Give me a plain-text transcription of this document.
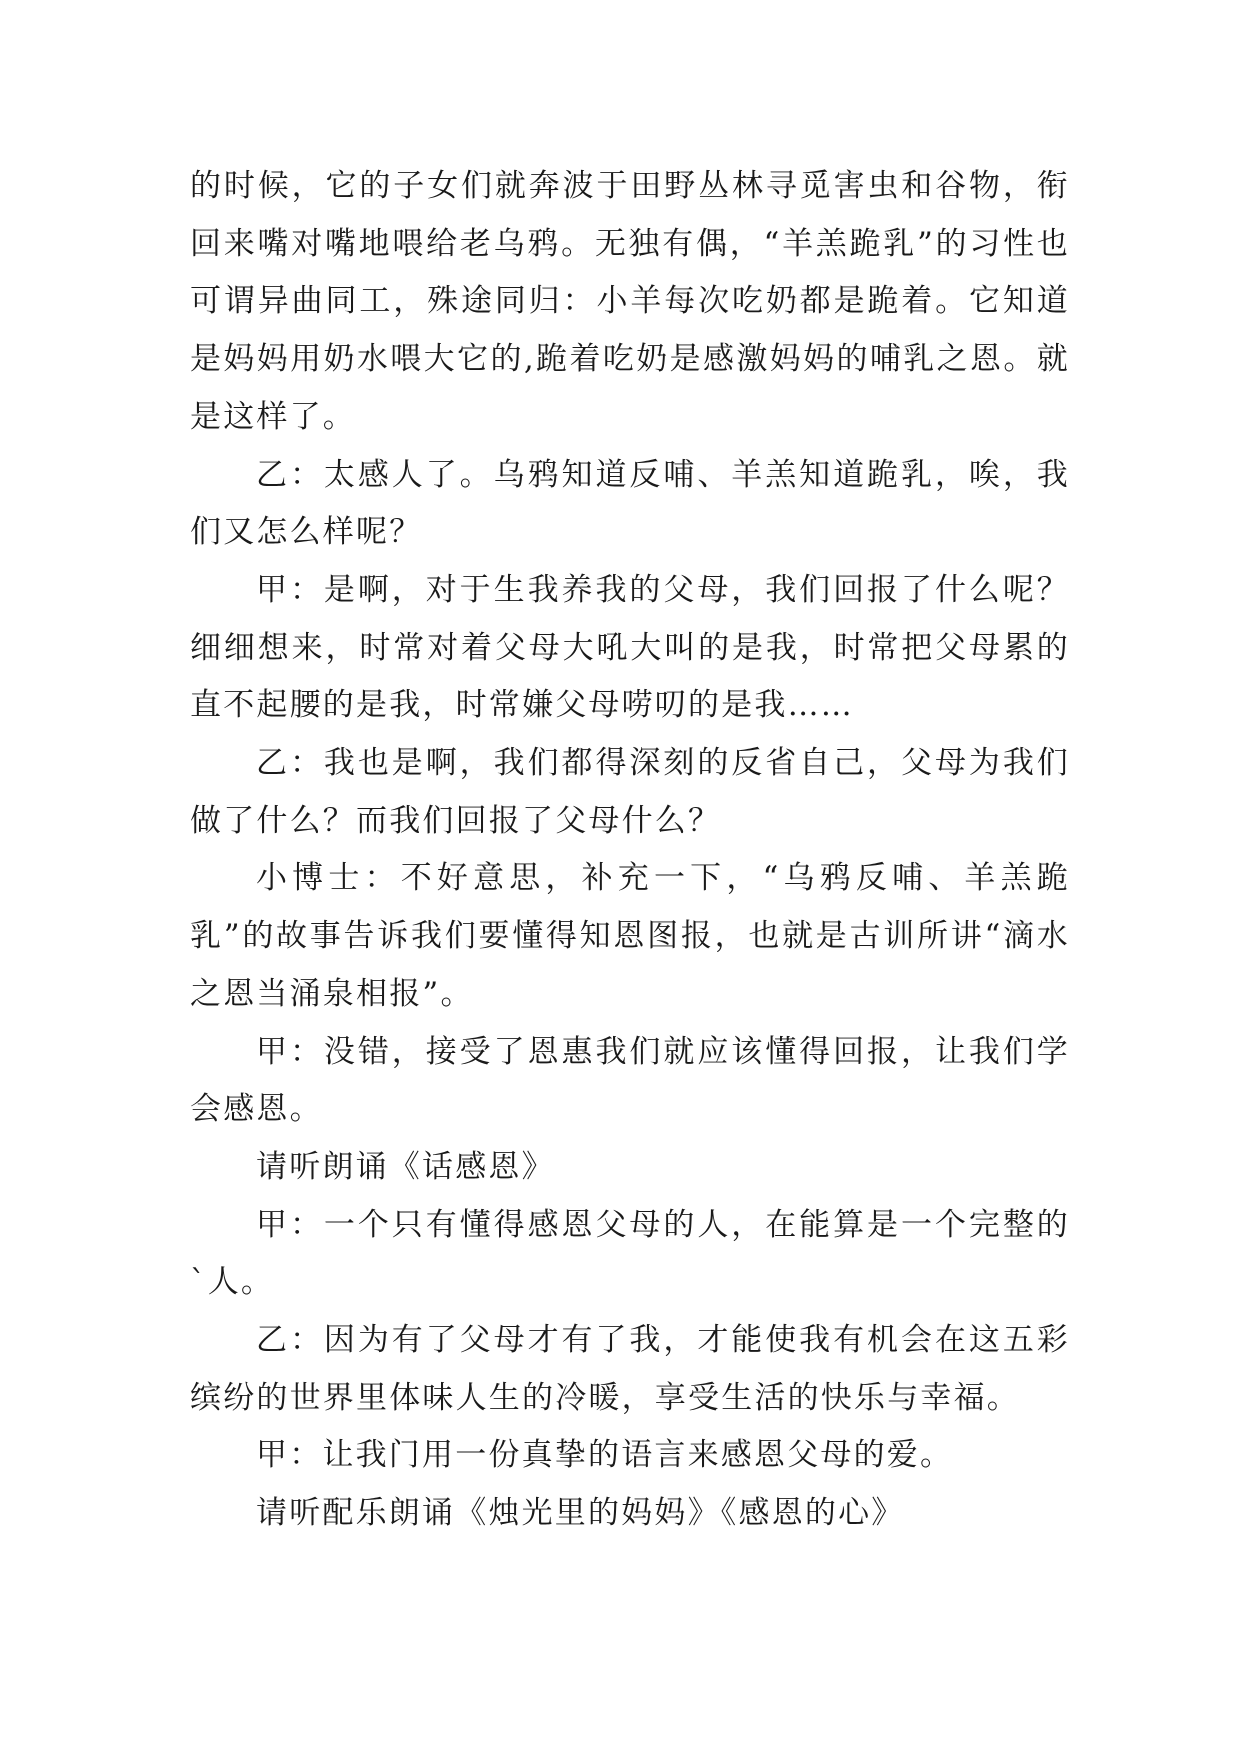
的时候，它的子女们就奔波于田野丛林寻觅害虫和谷物，衔回来嘴对嘴地喂给老乌鸦。无独有偶，“羊羔跪乳”的习性也可谓异曲同工，殊途同归：小羊每次吃奶都是跪着。它知道是妈妈用奶水喂大它的,跪着吃奶是感激妈妈的哺乳之恩。就是这样了。

乙：太感人了。乌鸦知道反哺、羊羔知道跪乳，唉，我们又怎么样呢？

甲：是啊，对于生我养我的父母，我们回报了什么呢？细细想来，时常对着父母大吼大叫的是我，时常把父母累的直不起腰的是我，时常嫌父母唠叨的是我……

乙：我也是啊，我们都得深刻的反省自己，父母为我们做了什么？而我们回报了父母什么？

小博士：不好意思，补充一下，“乌鸦反哺、羊羔跪乳”的故事告诉我们要懂得知恩图报，也就是古训所讲“滴水之恩当涌泉相报”。

甲：没错，接受了恩惠我们就应该懂得回报，让我们学会感恩。

请听朗诵《话感恩》

甲：一个只有懂得感恩父母的人，在能算是一个完整的`人。

乙：因为有了父母才有了我，才能使我有机会在这五彩缤纷的世界里体味人生的冷暖，享受生活的快乐与幸福。

甲：让我门用一份真挚的语言来感恩父母的爱。

请听配乐朗诵《烛光里的妈妈》《感恩的心》
